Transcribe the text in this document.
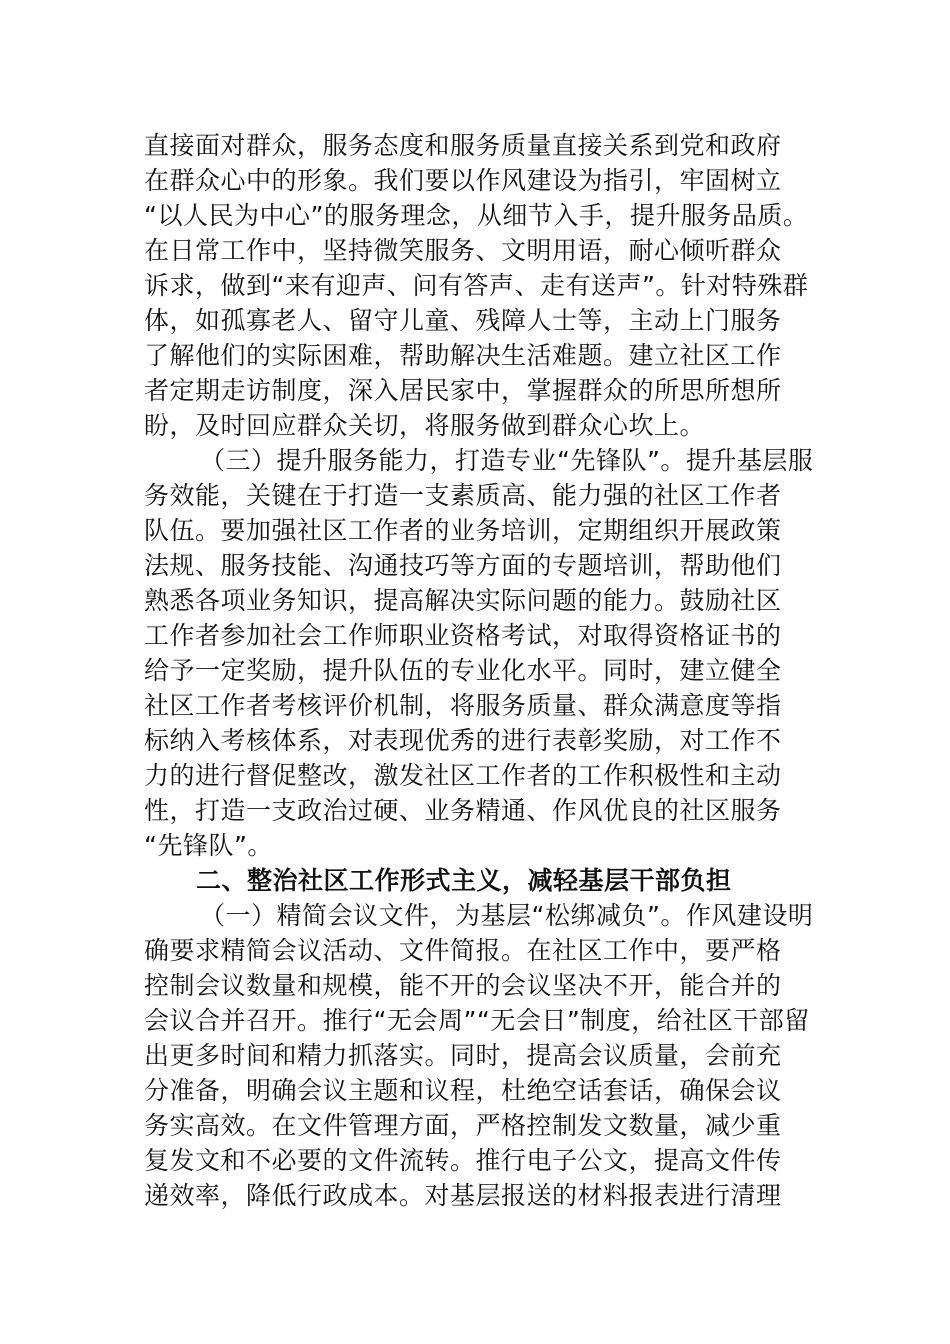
直接面对群众，服务态度和服务质量直接关系到党和政府
在群众心中的形象。我们要以作风建设为指引，牢固树立
“以人民为中心”的服务理念，从细节入手，提升服务品质。
在日常工作中，坚持微笑服务、文明用语，耐心倾听群众
诉求，做到“来有迎声、问有答声、走有送声”。针对特殊群
体，如孤寡老人、留守儿童、残障人士等，主动上门服务
了解他们的实际困难，帮助解决生活难题。建立社区工作
者定期走访制度，深入居民家中，掌握群众的所思所想所
盼，及时回应群众关切，将服务做到群众心坎上。
（三）提升服务能力，打造专业“先锋队”。提升基层服
务效能，关键在于打造一支素质高、能力强的社区工作者
队伍。要加强社区工作者的业务培训，定期组织开展政策
法规、服务技能、沟通技巧等方面的专题培训，帮助他们
熟悉各项业务知识，提高解决实际问题的能力。鼓励社区
工作者参加社会工作师职业资格考试，对取得资格证书的
给予一定奖励，提升队伍的专业化水平。同时，建立健全
社区工作者考核评价机制，将服务质量、群众满意度等指
标纳入考核体系，对表现优秀的进行表彰奖励，对工作不
力的进行督促整改，激发社区工作者的工作积极性和主动
性，打造一支政治过硬、业务精通、作风优良的社区服务
“先锋队”。
二、整治社区工作形式主义，减轻基层干部负担
（一）精简会议文件，为基层“松绑减负”。作风建设明
确要求精简会议活动、文件简报。在社区工作中，要严格
控制会议数量和规模，能不开的会议坚决不开，能合并的
会议合并召开。推行“无会周”“无会日”制度，给社区干部留
出更多时间和精力抓落实。同时，提高会议质量，会前充
分准备，明确会议主题和议程，杜绝空话套话，确保会议
务实高效。在文件管理方面，严格控制发文数量，减少重
复发文和不必要的文件流转。推行电子公文，提高文件传
递效率，降低行政成本。对基层报送的材料报表进行清理
